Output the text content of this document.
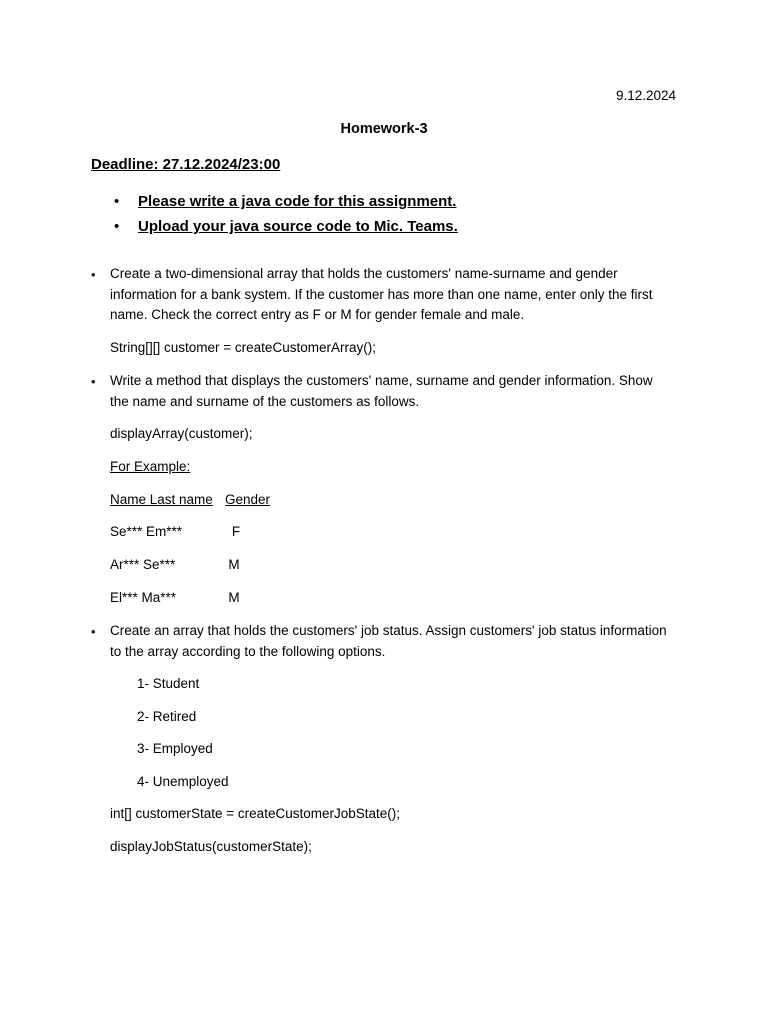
9.12.2024
Homework-3
Deadline: 27.12.2024/23:00
• Please write a java code for this assignment.
• Upload your java source code to Mic. Teams.
• Create a two-dimensional array that holds the customers' name-surname and gender information for a bank system. If the customer has more than one name, enter only the first name. Check the correct entry as F or M for gender female and male.
String[][] customer = createCustomerArray();
• Write a method that displays the customers' name, surname and gender information. Show the name and surname of the customers as follows.
displayArray(customer);
For Example:
Name Last name Gender
Se*** Em***	F
Ar*** Se***	M
El*** Ma***	M
• Create an array that holds the customers' job status. Assign customers' job status information to the array according to the following options.
1- Student
2- Retired
3- Employed
4- Unemployed
int[] customerState = createCustomerJobState();
displayJobStatus(customerState);
